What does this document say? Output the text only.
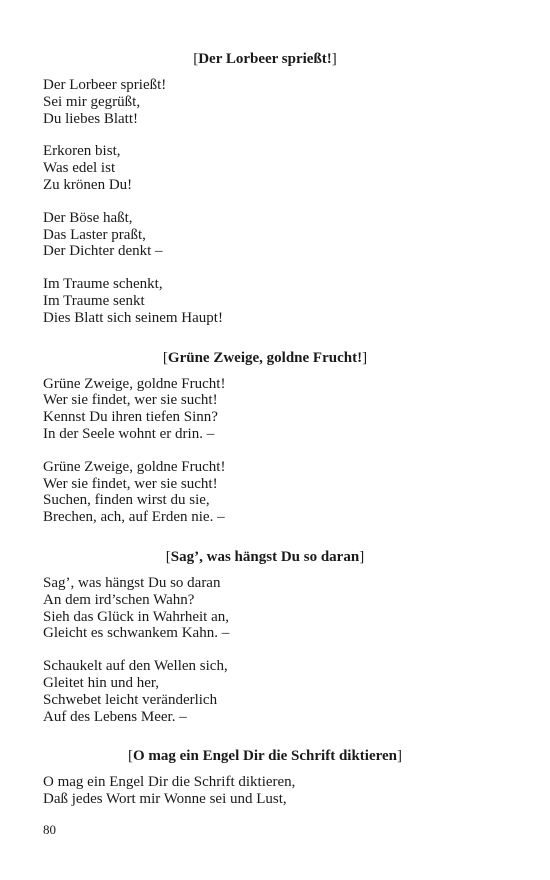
[Der Lorbeer sprießt!]
Der Lorbeer sprießt!
Sei mir gegrüßt,
Du liebes Blatt!
Erkoren bist,
Was edel ist
Zu krönen Du!
Der Böse haßt,
Das Laster praßt,
Der Dichter denkt –
Im Traume schenkt,
Im Traume senkt
Dies Blatt sich seinem Haupt!
[Grüne Zweige, goldne Frucht!]
Grüne Zweige, goldne Frucht!
Wer sie findet, wer sie sucht!
Kennst Du ihren tiefen Sinn?
In der Seele wohnt er drin. –
Grüne Zweige, goldne Frucht!
Wer sie findet, wer sie sucht!
Suchen, finden wirst du sie,
Brechen, ach, auf Erden nie. –
[Sag’, was hängst Du so daran]
Sag’, was hängst Du so daran
An dem ird’schen Wahn?
Sieh das Glück in Wahrheit an,
Gleicht es schwankem Kahn. –
Schaukelt auf den Wellen sich,
Gleitet hin und her,
Schwebet leicht veränderlich
Auf des Lebens Meer. –
[O mag ein Engel Dir die Schrift diktieren]
O mag ein Engel Dir die Schrift diktieren,
Daß jedes Wort mir Wonne sei und Lust,
80
